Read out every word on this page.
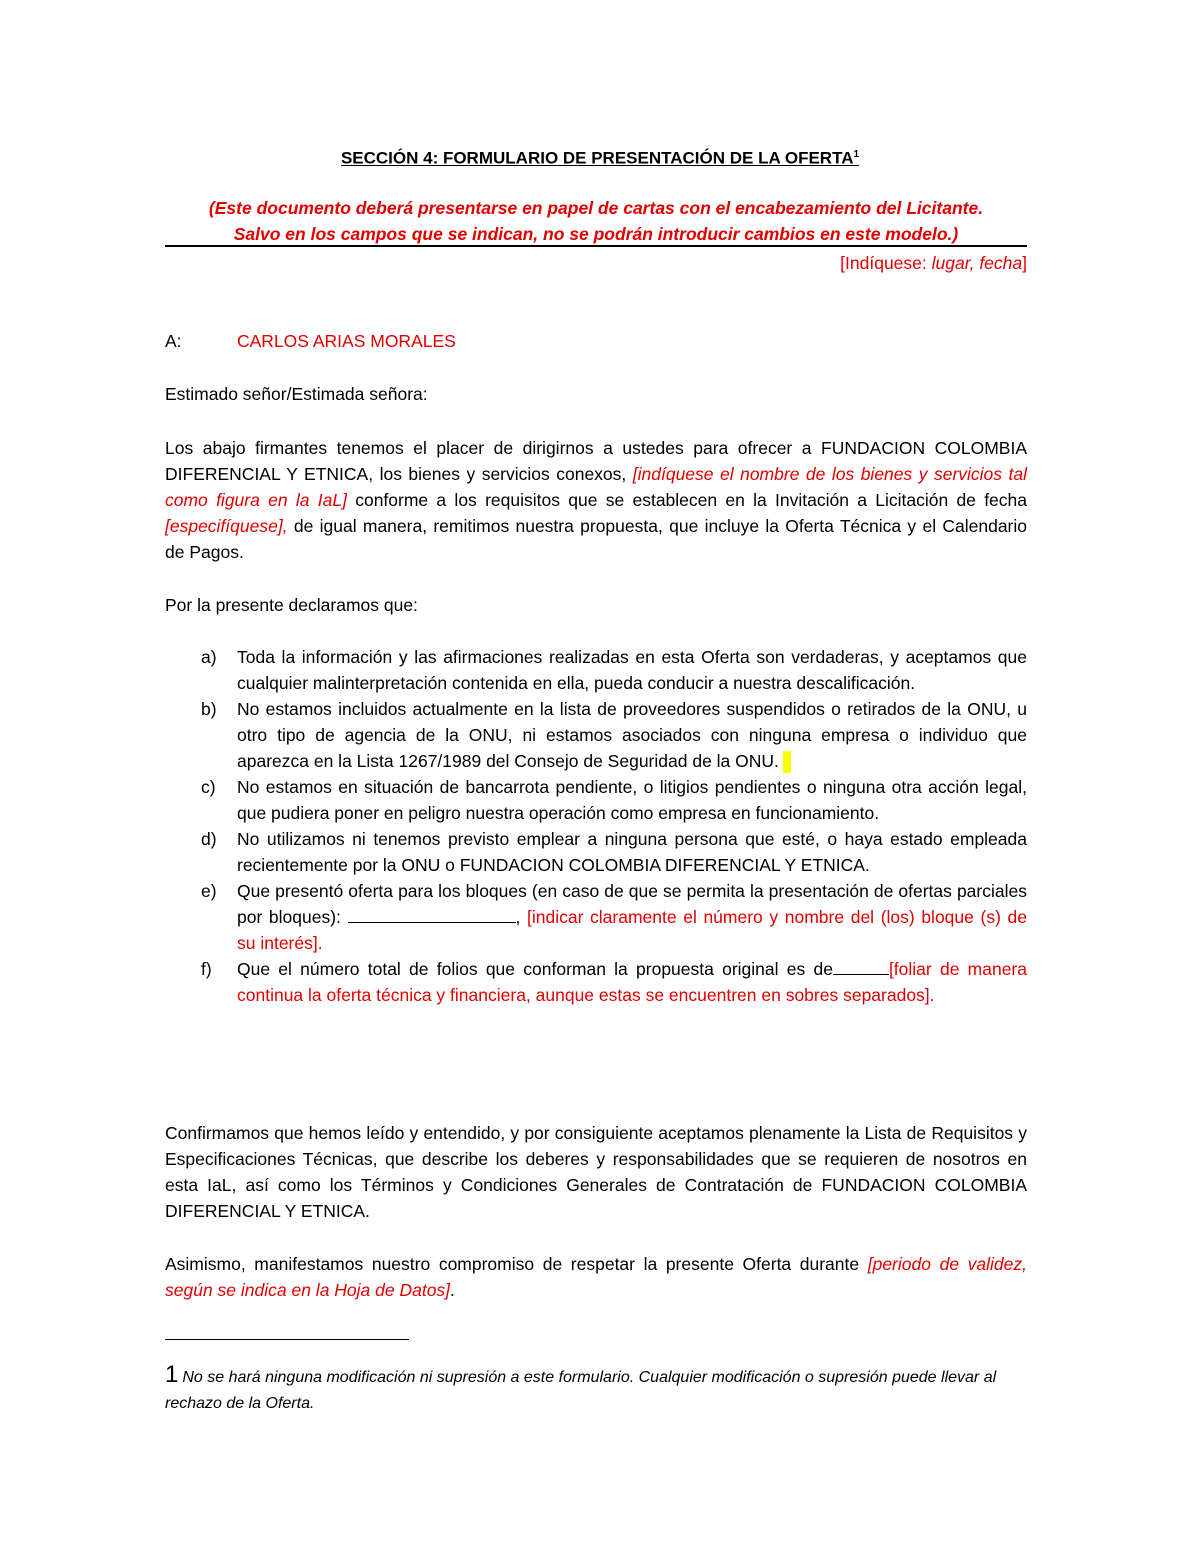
SECCIÓN 4: FORMULARIO DE PRESENTACIÓN DE LA OFERTA$^1$
(Este documento deberá presentarse en papel de cartas con el encabezamiento del Licitante.
Salvo en los campos que se indican, no se podrán introducir cambios en este modelo.)
[Indíquese: lugar, fecha]
A:	CARLOS ARIAS MORALES
Estimado señor/Estimada señora:
Los abajo firmantes tenemos el placer de dirigirnos a ustedes para ofrecer a FUNDACION COLOMBIA DIFERENCIAL Y ETNICA, los bienes y servicios conexos, [indíquese el nombre de los bienes y servicios tal como figura en la IaL] conforme a los requisitos que se establecen en la Invitación a Licitación de fecha [especifíquese], de igual manera, remitimos nuestra propuesta, que incluye la Oferta Técnica y el Calendario de Pagos.
Por la presente declaramos que:
a) Toda la información y las afirmaciones realizadas en esta Oferta son verdaderas, y aceptamos que cualquier malinterpretación contenida en ella, pueda conducir a nuestra descalificación.
b) No estamos incluidos actualmente en la lista de proveedores suspendidos o retirados de la ONU, u otro tipo de agencia de la ONU, ni estamos asociados con ninguna empresa o individuo que aparezca en la Lista 1267/1989 del Consejo de Seguridad de la ONU.
c) No estamos en situación de bancarrota pendiente, o litigios pendientes o ninguna otra acción legal, que pudiera poner en peligro nuestra operación como empresa en funcionamiento.
d) No utilizamos ni tenemos previsto emplear a ninguna persona que esté, o haya estado empleada recientemente por la ONU o FUNDACION COLOMBIA DIFERENCIAL Y ETNICA.
e) Que presentó oferta para los bloques (en caso de que se permita la presentación de ofertas parciales por bloques):	, [indicar claramente el número y nombre del (los) bloque (s) de su interés].
f) Que el número total de folios que conforman la propuesta original es de	[foliar de manera continua la oferta técnica y financiera, aunque estas se encuentren en sobres separados].
Confirmamos que hemos leído y entendido, y por consiguiente aceptamos plenamente la Lista de Requisitos y Especificaciones Técnicas, que describe los deberes y responsabilidades que se requieren de nosotros en esta IaL, así como los Términos y Condiciones Generales de Contratación de FUNDACION COLOMBIA DIFERENCIAL Y ETNICA.
Asimismo, manifestamos nuestro compromiso de respetar la presente Oferta durante [periodo de validez, según se indica en la Hoja de Datos].
1 No se hará ninguna modificación ni supresión a este formulario. Cualquier modificación o supresión puede llevar al rechazo de la Oferta.
